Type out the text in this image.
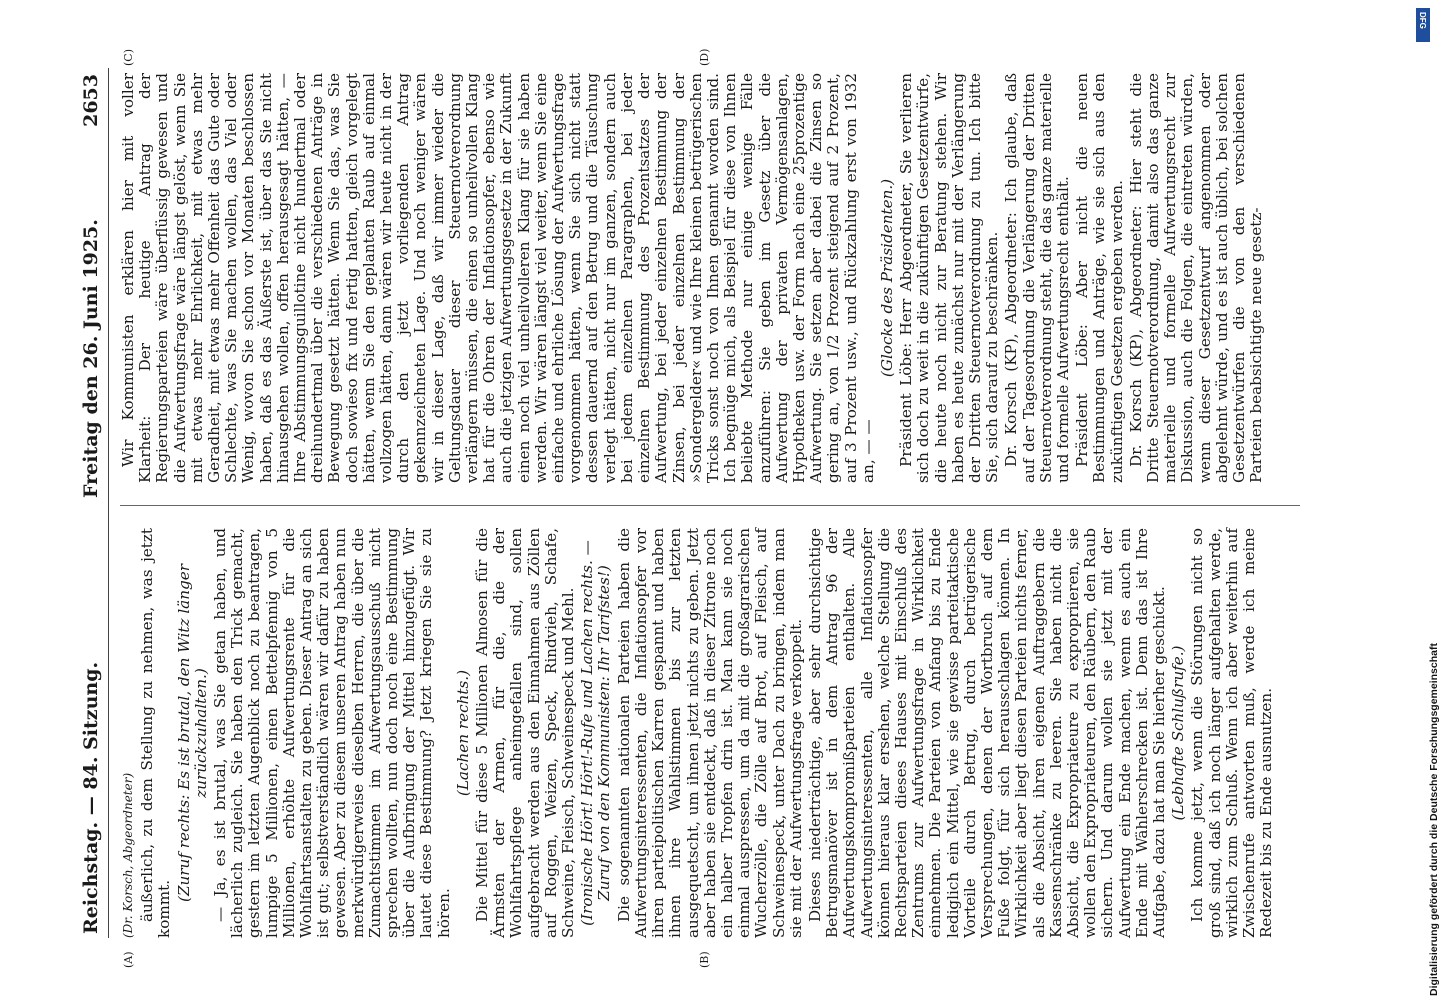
Reichstag. — 84. Sitzung.
Freitag den 26. Juni 1925.
2653

(Dr. Korsch, Abgeordneter) äußerlich, zu dem Stellung zu nehmen, was jetzt kommt.

(Zuruf rechts: Es ist brutal, den Witz länger zurückzuhalten.) — Ja, es ist brutal, was Sie getan haben, und lächerlich zugleich. Sie haben den Trick gemacht, gestern im letzten Augenblick noch zu beantragen, lumpige 5 Millionen, einen Bettelpfennig von 5 Millionen, erhöhte Aufwertungsrente für die Wohlfahrtsanstalten zu geben. Dieser Antrag an sich ist gut; selbstverständlich wären wir dafür zu haben gewesen. Aber zu diesem unseren Antrag haben nun merkwürdigerweise dieselben Herren, die über die Zumachtstimmen im Aufwertungsausschuß nicht sprechen wollten, nun doch noch eine Bestimmung über die Aufbringung der Mittel hinzugefügt. Wir lautet diese Bestimmung? Jetzt kriegen Sie sie zu hören.

(Lachen rechts.) Die Mittel für diese 5 Millionen Almosen für die Ärmsten der Armen, für die, die der Wohlfahrtspflege anheimgefallen sind, sollen aufgebracht werden aus den Einnahmen aus Zöllen auf Roggen, Weizen, Speck, Rindvieh, Schafe, Schweine, Fleisch, Schweinespeck und Mehl. (Ironische Hört! Hört!-Rufe und Lachen rechts. — Zuruf von den Kommunisten: Ihr Tarifstes!) Die sogenannten nationalen Parteien haben die Aufwertungsinteressenten, die Inflationsopfer vor ihren parteipolitischen Karren gespannt und haben ihnen ihre Wahlstimmen bis zur letzten ausgequetscht, um ihnen jetzt nichts zu geben. Jetzt aber haben sie entdeckt, daß in dieser Zitrone noch ein halber Tropfen drin ist. Man kann sie noch einmal auspressen, um da mit die großagrarischen Wucherzölle, die Zölle auf Brot, auf Fleisch, auf Schweinespeck, unter Dach zu bringen, indem man sie mit der Aufwertungsfrage verkoppelt. Dieses niederträchtige, aber sehr durchsichtige Betrugsmanöver ist in dem Antrag 96 der Aufwertungskompromißparteien enthalten. Alle Aufwertungsinteressenten, alle Inflationsopfer können hieraus klar ersehen, welche Stellung die Rechtsparteien dieses Hauses mit Einschluß des Zentrums zur Aufwertungsfrage in Wirklichkeit einnehmen. Die Parteien von Anfang bis zu Ende lediglich ein Mittel, wie sie gewisse parteitaktische Vorteile durch Betrug, durch betrügerische Versprechungen, denen der Wortbruch auf dem Fuße folgt, für sich herausschlagen können. In Wirklichkeit aber liegt diesen Parteien nichts ferner, als die Absicht, ihren eigenen Auftraggebern die Kassenschränke zu leeren. Sie haben nicht die Absicht, die Expropriateure zu expropriieren, sie wollen den Expropriateuren, den Räubern, den Raub sichern. Und darum wollen sie jetzt mit der Aufwertung ein Ende machen, wenn es auch ein Ende mit Wählerschrecken ist. Denn das ist Ihre Aufgabe, dazu hat man Sie hierher geschickt. (Lebhafte Schlußrufe.) Ich komme jetzt, wenn die Störungen nicht so groß sind, daß ich noch länger aufgehalten werde, wirklich zum Schluß. Wenn ich aber weiterhin auf Zwischenrufe antworten muß, werde ich meine Redezeit bis zu Ende ausnutzen.

Wir Kommunisten erklären hier mit voller Klarheit: Der heutige Antrag der Regierungsparteien wäre überflüssig gewesen und die Aufwertungsfrage wäre längst gelöst, wenn Sie mit etwas mehr Ehrlichkeit, mit etwas mehr Geradheit, mit etwas mehr Offenheit das Gute oder Schlechte, was Sie machen wollen, das Viel oder Wenig, wovon Sie schon vor Monaten beschlossen haben, daß es das Äußerste ist, über das Sie nicht hinausgehen wollen, offen herausgesagt hätten, — Ihre Abstimmungsguillotine nicht hundertmal oder dreihundertmal über die verschiedenen Anträge in Bewegung gesetzt hätten. Wenn Sie das, was Sie doch sowieso fix und fertig hatten, gleich vorgelegt hätten, wenn Sie den geplanten Raub auf einmal vollzogen hätten, dann wären wir heute nicht in der durch den jetzt vorliegenden Antrag gekennzeichneten Lage. Und noch weniger wären wir in dieser Lage, daß wir immer wieder die Geltungsdauer dieser Steuernotverordnung verlängern müssen, die einen so unheilvollen Klang hat für die Ohren der Inflationsopfer, ebenso wie auch die jetzigen Aufwertungsgesetze in der Zukunft einen noch viel unheilvolleren Klang für sie haben werden. Wir wären längst viel weiter, wenn Sie eine einfache und ehrliche Lösung der Aufwertungsfrage vorgenommen hätten, wenn Sie sich nicht statt dessen dauernd auf den Betrug und die Täuschung verlegt hätten, nicht nur im ganzen, sondern auch bei jedem einzelnen Paragraphen, bei jeder einzelnen Bestimmung des Prozentsatzes der Aufwertung, bei jeder einzelnen Bestimmung der Zinsen, bei jeder einzelnen Bestimmung der »Sondergelder« und wie Ihre kleinen betrügerischen Tricks sonst noch von Ihnen genannt worden sind. Ich begnüge mich, als Beispiel für diese von Ihnen beliebte Methode nur einige wenige Fälle anzuführen: Sie geben im Gesetz über die Aufwertung der privaten Vermögensanlagen, Hypotheken usw. der Form nach eine 25prozentige Aufwertung. Sie setzen aber dabei die Zinsen so gering an, von 1/2 Prozent steigend auf 2 Prozent, auf 3 Prozent usw., und Rückzahlung erst von 1932 an, — —

(Glocke des Präsidenten.) Präsident Löbe: Herr Abgeordneter, Sie verlieren sich doch zu weit in die zukünftigen Gesetzentwürfe, die heute noch nicht zur Beratung stehen. Wir haben es heute zunächst nur mit der Verlängerung der Dritten Steuernotverordnung zu tun. Ich bitte Sie, sich darauf zu beschränken. Dr. Korsch (KP), Abgeordneter: Ich glaube, daß auf der Tagesordnung die Verlängerung der Dritten Steuernotverordnung steht, die das ganze materielle und formelle Aufwertungsrecht enthält. Präsident Löbe: Aber nicht die neuen Bestimmungen und Anträge, wie sie sich aus den zukünftigen Gesetzen ergeben werden. Dr. Korsch (KP), Abgeordneter: Hier steht die Dritte Steuernotverordnung, damit also das ganze materielle und formelle Aufwertungsrecht zur Diskussion, auch die Folgen, die eintreten würden, wenn dieser Gesetzentwurf angenommen oder abgelehnt würde, und es ist auch üblich, bei solchen Gesetzentwürfen die von den verschiedenen Parteien beabsichtigte neue gesetz-

(A)	(B)
(C)	(D)
Digitalisierung gefördert durch die Deutsche Forschungsgemeinschaft
DFG
